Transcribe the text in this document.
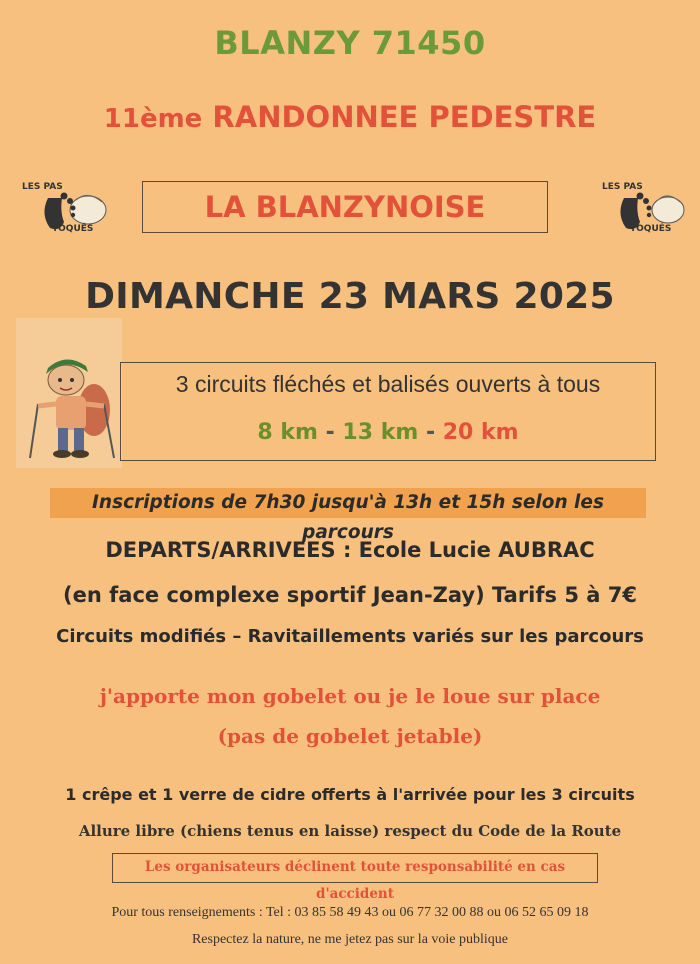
BLANZY 71450
11ème RANDONNEE PEDESTRE
LES PAS
TOQUÉS
LA BLANZYNOISE
LES PAS
TOQUÉS
DIMANCHE 23 MARS 2025
3 circuits fléchés et balisés ouverts à tous
8 km - 13 km - 20 km
Inscriptions de 7h30 jusqu'à 13h et 15h selon les parcours
DEPARTS/ARRIVEES : Ecole Lucie AUBRAC
(en face complexe sportif Jean-Zay) Tarifs 5 à 7€
Circuits modifiés – Ravitaillements variés sur les parcours
j'apporte mon gobelet ou je le loue sur place
(pas de gobelet jetable)
1 crêpe et 1 verre de cidre offerts à l'arrivée pour les 3 circuits
Allure libre (chiens tenus en laisse) respect du Code de la Route
Les organisateurs déclinent toute responsabilité en cas d'accident
Pour tous renseignements : Tel : 03 85 58 49 43 ou 06 77 32 00 88 ou 06 52 65 09 18
Respectez la nature, ne me jetez pas sur la voie publique
